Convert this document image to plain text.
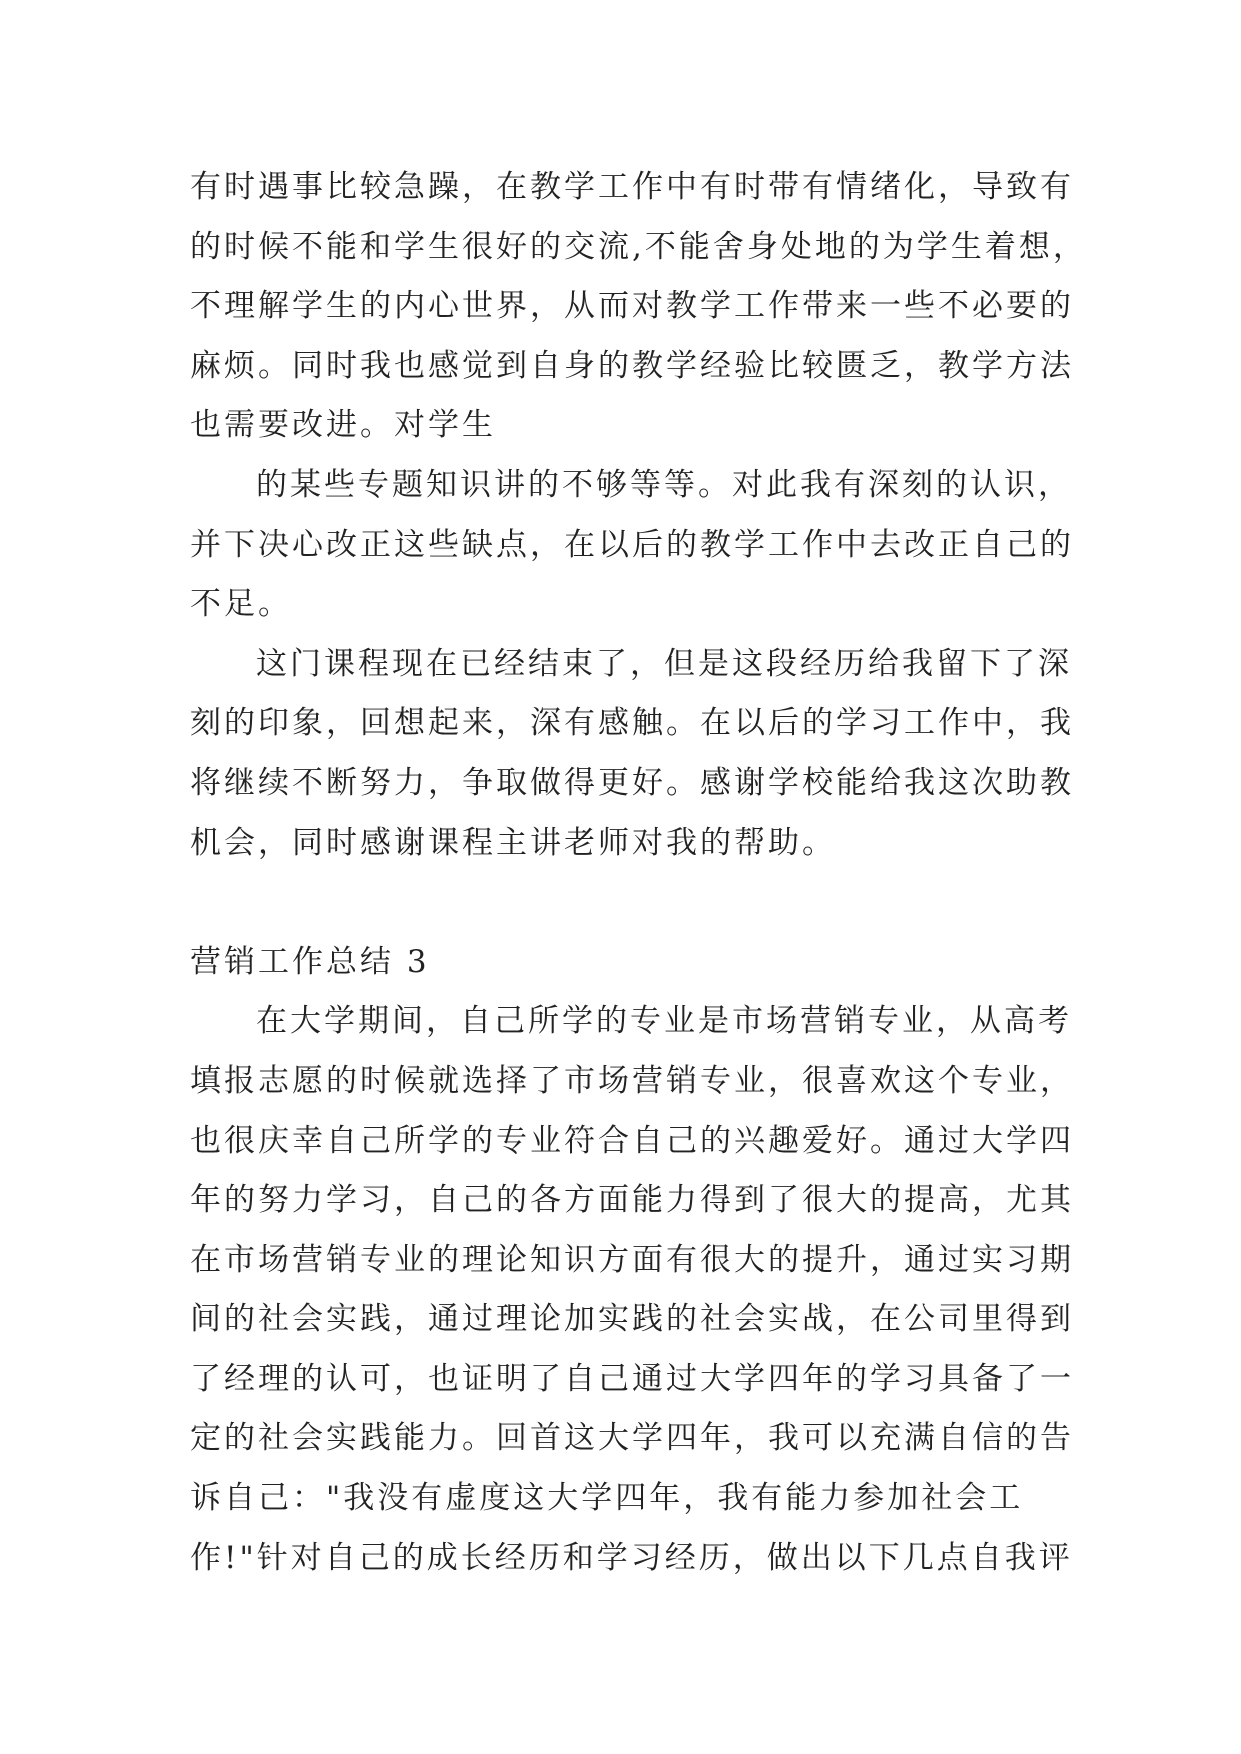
有时遇事比较急躁，在教学工作中有时带有情绪化，导致有
的时候不能和学生很好的交流,不能舍身处地的为学生着想，
不理解学生的内心世界，从而对教学工作带来一些不必要的
麻烦。同时我也感觉到自身的教学经验比较匮乏，教学方法
也需要改进。对学生
的某些专题知识讲的不够等等。对此我有深刻的认识，
并下决心改正这些缺点，在以后的教学工作中去改正自己的
不足。
这门课程现在已经结束了，但是这段经历给我留下了深
刻的印象，回想起来，深有感触。在以后的学习工作中，我
将继续不断努力，争取做得更好。感谢学校能给我这次助教
机会，同时感谢课程主讲老师对我的帮助。
营销工作总结 3
在大学期间，自己所学的专业是市场营销专业，从高考
填报志愿的时候就选择了市场营销专业，很喜欢这个专业，
也很庆幸自己所学的专业符合自己的兴趣爱好。通过大学四
年的努力学习，自己的各方面能力得到了很大的提高，尤其
在市场营销专业的理论知识方面有很大的提升，通过实习期
间的社会实践，通过理论加实践的社会实战，在公司里得到
了经理的认可，也证明了自己通过大学四年的学习具备了一
定的社会实践能力。回首这大学四年，我可以充满自信的告
诉自己："我没有虚度这大学四年，我有能力参加社会工
作!"针对自己的成长经历和学习经历，做出以下几点自我评
